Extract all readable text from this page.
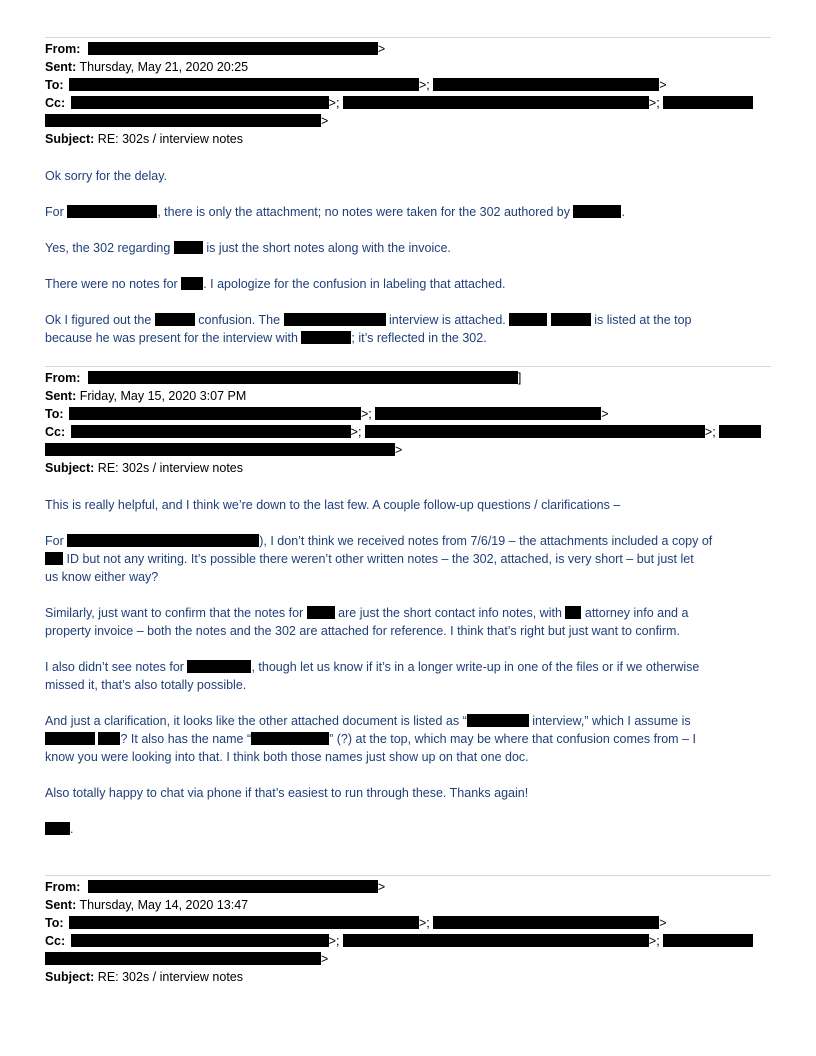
From:	>
Sent: Thursday, May 21, 2020 20:25
To:	>;	>
Cc:	>;	>;
>
Subject: RE: 302s / interview notes
Ok sorry for the delay.
For	, there is only the attachment; no notes were taken for the 302 authored by	.
Yes, the 302 regarding	is just the short notes along with the invoice.
There were no notes for . I apologize for the confusion in labeling that attached.
Ok I figured out the	confusion. The	interview is attached.	is listed at the top
because he was present for the interview with	; it’s reflected in the 302.
From:	]
Sent: Friday, May 15, 2020 3:07 PM
To:	>;	>
Cc:	>;	>;
>
Subject: RE: 302s / interview notes
This is really helpful, and I think we’re down to the last few. A couple follow-up questions / clarifications –
For	), I don’t think we received notes from 7/6/19 – the attachments included a copy of
ID but not any writing. It’s possible there weren’t other written notes – the 302, attached, is very short – but just let
us know either way?
Similarly, just want to confirm that the notes for	are just the short contact info notes, with attorney info and a
property invoice – both the notes and the 302 are attached for reference. I think that’s right but just want to confirm.
I also didn’t see notes for	, though let us know if it’s in a longer write-up in one of the files or if we otherwise
missed it, that’s also totally possible.
And just a clarification, it looks like the other attached document is listed as “	interview,” which I assume is
? It also has the name “	” (?) at the top, which may be where that confusion comes from – I
know you were looking into that. I think both those names just show up on that one doc.
Also totally happy to chat via phone if that’s easiest to run through these. Thanks again!
.
From:	>
Sent: Thursday, May 14, 2020 13:47
To:	>;	>
Cc:	>;	>;
>
Subject: RE: 302s / interview notes
